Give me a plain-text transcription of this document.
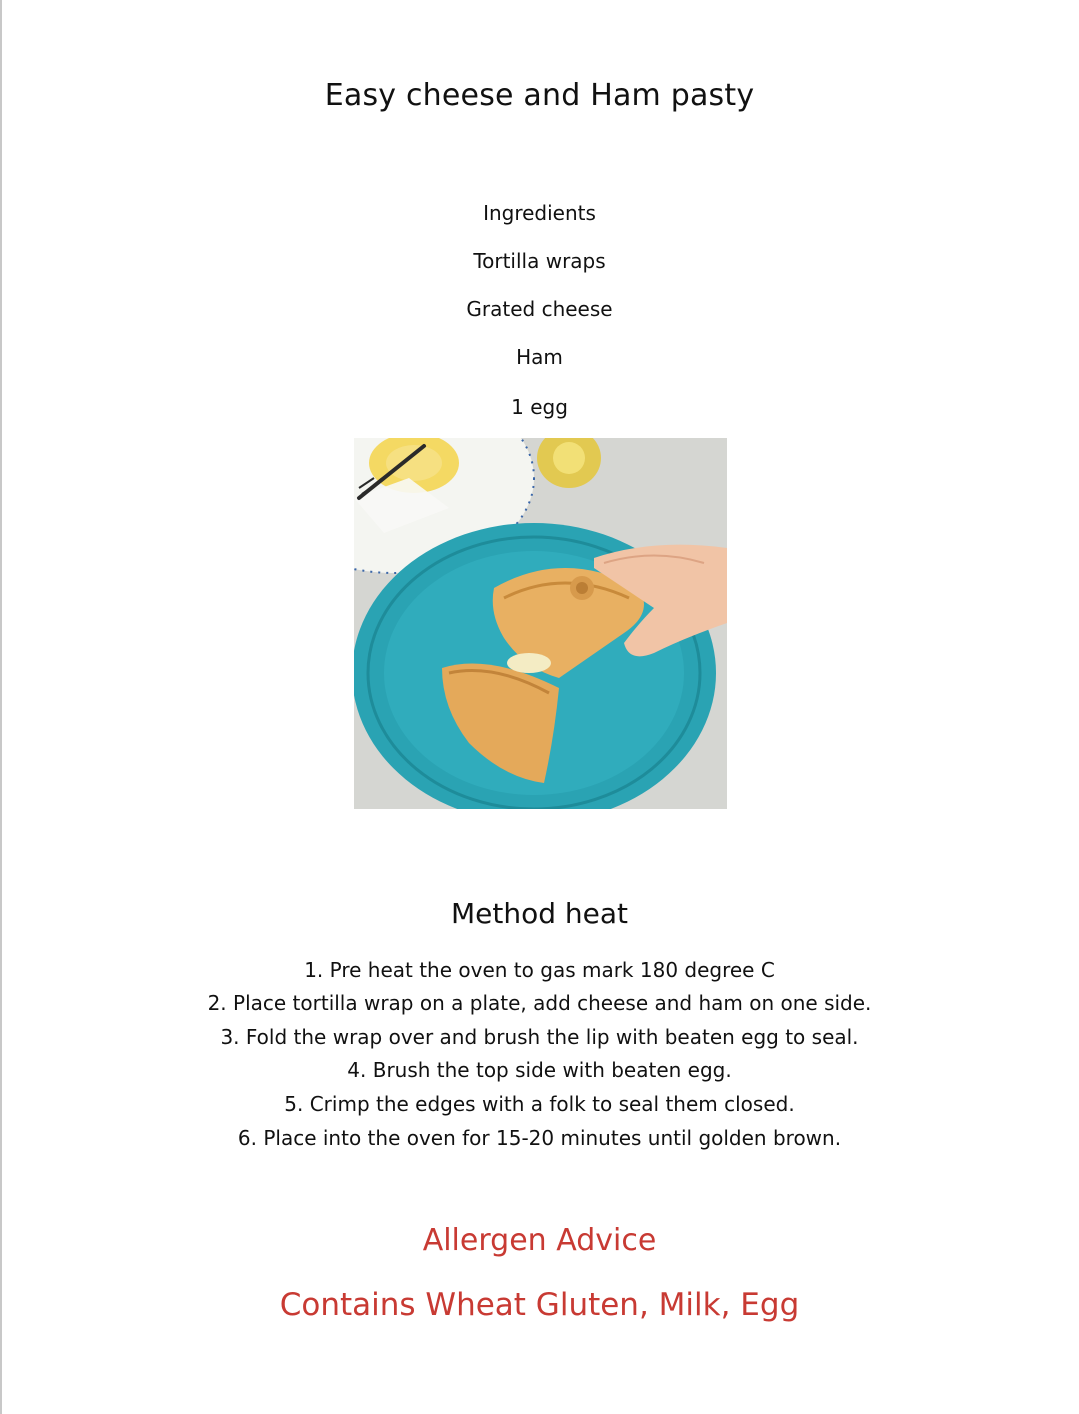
Easy cheese and Ham pasty
Ingredients
Tortilla wraps
Grated cheese
Ham
1 egg
Method heat
1. Pre heat the oven to gas mark 180 degree C
2. Place tortilla wrap on a plate, add cheese and ham on one side.
3. Fold the wrap over and brush the lip with beaten egg to seal.
4. Brush the top side with beaten egg.
5. Crimp the edges with a folk to seal them closed.
6. Place into the oven for 15-20 minutes until golden brown.
Allergen Advice
Contains Wheat Gluten, Milk, Egg
